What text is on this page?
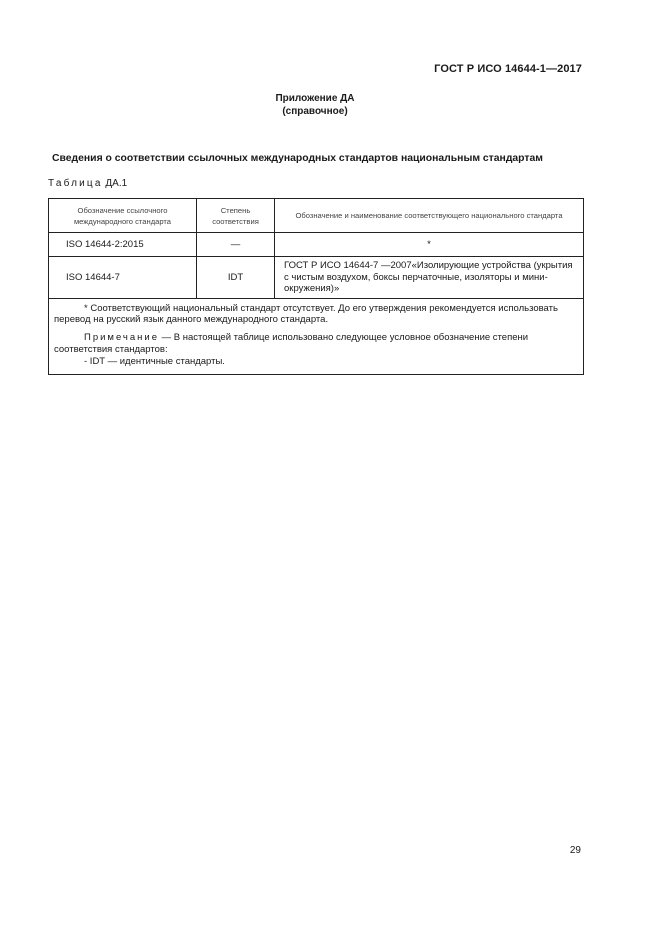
ГОСТ Р ИСО 14644-1—2017
Приложение ДА
(справочное)
Сведения о соответствии ссылочных международных стандартов национальным стандартам
Таблица ДА.1
Обозначение ссылочного международного стандарта	Степень соответствия	Обозначение и наименование соответствующего национального стандарта
ISO 14644-2:2015	—	*
ISO 14644-7	IDT	ГОСТ Р ИСО 14644-7 —2007«Изолирующие устройства (укрытия с чистым воздухом, боксы перчаточные, изоляторы и мини-окружения)»

* Соответствующий национальный стандарт отсутствует. До его утверждения рекомендуется использовать перевод на русский язык данного международного стандарта.

Примечание — В настоящей таблице использовано следующее условное обозначение степени соответствия стандартов:

- IDT — идентичные стандарты.		

29
